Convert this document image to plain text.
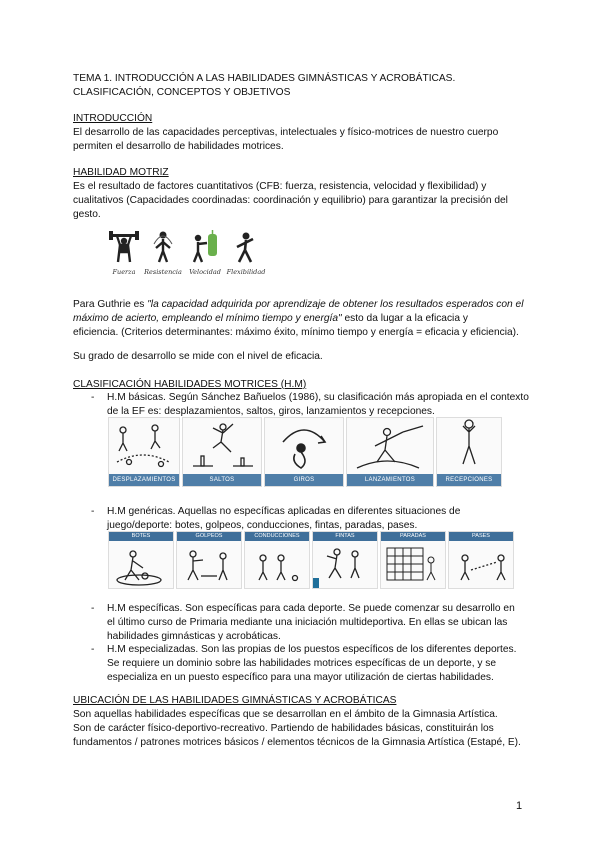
TEMA 1. INTRODUCCIÓN A LAS HABILIDADES GIMNÁSTICAS Y ACROBÁTICAS.
CLASIFICACIÓN, CONCEPTOS Y OBJETIVOS
INTRODUCCIÓN
El desarrollo de las capacidades perceptivas, intelectuales y físico-motrices de nuestro cuerpo
permiten el desarrollo de habilidades motrices.
HABILIDAD MOTRIZ
Es el resultado de factores cuantitativos (CFB: fuerza, resistencia, velocidad y flexibilidad) y
cualitativos (Capacidades coordinadas: coordinación y equilibrio) para garantizar la precisión del
gesto.
Fuerza	Resistencia	Velocidad Flexibilidad
Para Guthrie es "la capacidad adquirida por aprendizaje de obtener los resultados esperados con el
máximo de acierto, empleando el mínimo tiempo y energía" esto da lugar a la eficacia y
eficiencia. (Criterios determinantes: máximo éxito, mínimo tiempo y energía = eficacia y eficiencia).
Su grado de desarrollo se mide con el nivel de eficacia.
CLASIFICACIÓN HABILIDADES MOTRICES (H.M)
- H.M básicas. Según Sánchez Bañuelos (1986), su clasificación más apropiada en el contexto
de la EF es: desplazamientos, saltos, giros, lanzamientos y recepciones.
DESPLAZAMIENTOS	SALTOS	GIROS	LANZAMIENTOS	RECEPCIONES
- H.M genéricas. Aquellas no específicas aplicadas en diferentes situaciones de
juego/deporte: botes, golpeos, conducciones, fintas, paradas, pases.
BOTES	GOLPEOS	CONDUCCIONES	FINTAS	PARADAS	PASES
- H.M específicas. Son específicas para cada deporte. Se puede comenzar su desarrollo en
el último curso de Primaria mediante una iniciación multideportiva. En ellas se ubican las
habilidades gimnásticas y acrobáticas.
- H.M especializadas. Son las propias de los puestos específicos de los diferentes deportes.
Se requiere un dominio sobre las habilidades motrices específicas de un deporte, y se
especializa en un puesto específico para una mayor utilización de ciertas habilidades.
UBICACIÓN DE LAS HABILIDADES GIMNÁSTICAS Y ACROBÁTICAS
Son aquellas habilidades específicas que se desarrollan en el ámbito de la Gimnasia Artística.
Son de carácter físico-deportivo-recreativo. Partiendo de habilidades básicas, constituirán los
fundamentos / patrones motrices básicos / elementos técnicos de la Gimnasia Artística (Estapé, E).
1
